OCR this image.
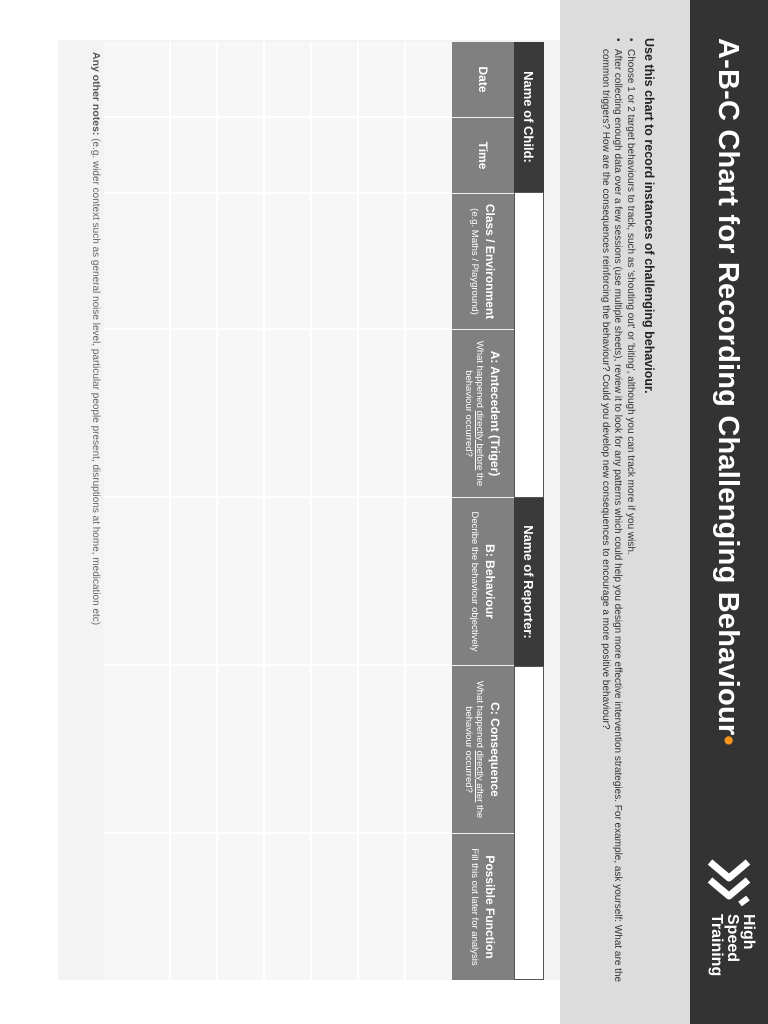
A-B-C Chart for Recording Challenging Behaviour•
High
Speed
Training
Use this chart to record instances of challenging behaviour.
• Choose 1 or 2 target behaviours to track, such as 'shouting out' or 'biting', although you can track more if you wish.
• After collecting enough data over a few sessions (use multiple sheets), review it to look for any patterns which could help you design more effective intervention strategies. For example, ask yourself: What are the common triggers? How are the consequences reinforcing the behaviour? Could you develop new consequences to encourage a more positive behaviour?
Name of Child:
Name of Reporter:
Date
Time
Class / Environment
(e.g. Maths / Playground)
A: Antecedent (Triger)
What happened directly before the behaviour occurred?
B: Behaviour
Decribe the behaviour objectively
C: Consequence
What happened directly after the behaviour occurred?
Possible Function
Fill this out later for analysis
Any other notes: (e.g. wider context such as general noise level, particular people present, disruptions at home, medication etc)
